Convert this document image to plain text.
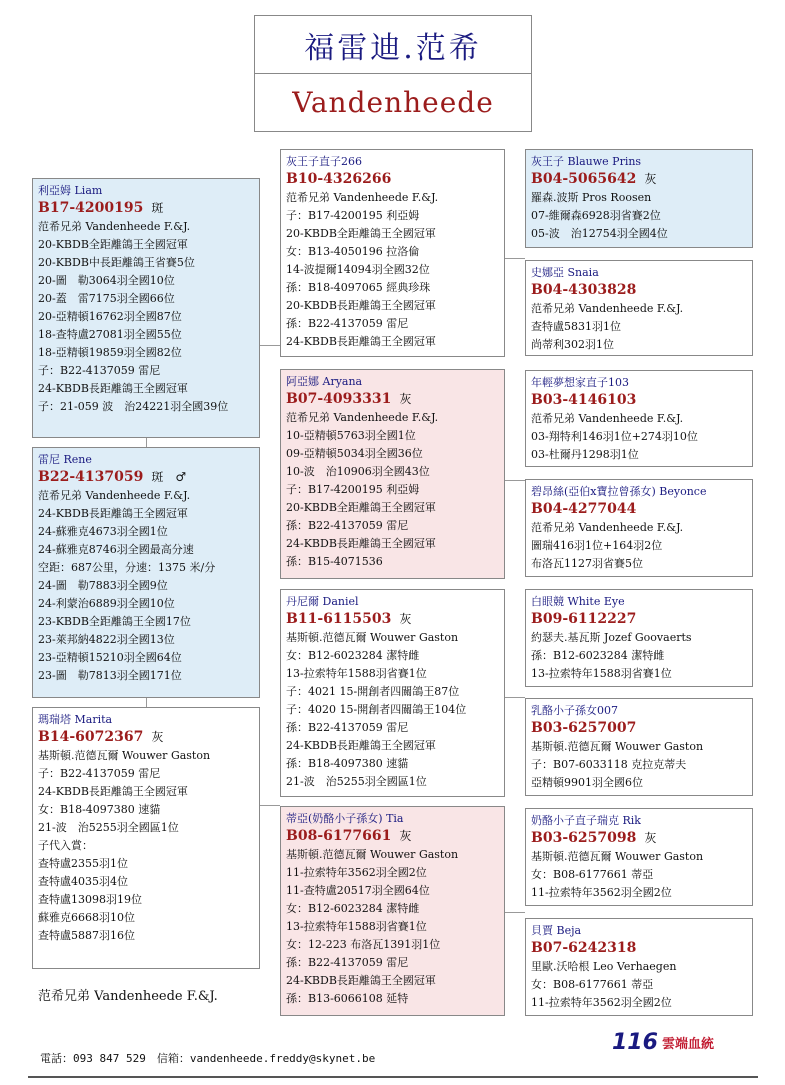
福雷迪.范希
Vandenheede
利亞姆 Liam
B17-4200195 斑
范希兄弟 Vandenheede F.&J.
20-KBDB全距離鴿王全國冠軍
20-KBDB中長距離鴿王省賽5位
20-圖　勒3064羽全國10位
20-蓋　雷7175羽全國66位
20-亞精頓16762羽全國87位
18-查特盧27081羽全國55位
18-亞精頓19859羽全國82位
子：B22-4137059 雷尼
24-KBDB長距離鴿王全國冠軍
子：21-059 波　治24221羽全國39位
雷尼 Rene
B22-4137059 斑　♂
范希兄弟 Vandenheede F.&J.
24-KBDB長距離鴿王全國冠軍
24-蘇雅克4673羽全國1位
24-蘇雅克8746羽全國最高分速
空距：687公里，分速：1375 米/分
24-圖　勒7883羽全國9位
24-利蒙治6889羽全國10位
23-KBDB全距離鴿王全國17位
23-萊邦納4822羽全國13位
23-亞精頓15210羽全國64位
23-圖　勒7813羽全國171位
瑪瑞塔 Marita
B14-6072367 灰
基斯頓.范德瓦爾 Wouwer Gaston
子：B22-4137059 雷尼
24-KBDB長距離鴿王全國冠軍
女：B18-4097380 速貓
21-波　治5255羽全國區1位
子代入賞：
查特盧2355羽1位
查特盧4035羽4位
查特盧13098羽19位
蘇雅克6668羽10位
查特盧5887羽16位
灰王子直子266
B10-4326266
范希兄弟 Vandenheede F.&J.
子：B17-4200195 利亞姆
20-KBDB全距離鴿王全國冠軍
女：B13-4050196 拉洛倫
14-波提爾14094羽全國32位
孫：B18-4097065 經典珍珠
20-KBDB長距離鴿王全國冠軍
孫：B22-4137059 雷尼
24-KBDB長距離鴿王全國冠軍
阿亞娜 Aryana
B07-4093331 灰
范希兄弟 Vandenheede F.&J.
10-亞精頓5763羽全國1位
09-亞精頓5034羽全國36位
10-波　治10906羽全國43位
子：B17-4200195 利亞姆
20-KBDB全距離鴿王全國冠軍
孫：B22-4137059 雷尼
24-KBDB長距離鴿王全國冠軍
孫：B15-4071536
丹尼爾 Daniel
B11-6115503 灰
基斯頓.范德瓦爾 Wouwer Gaston
女：B12-6023284 潔特雌
13-拉索特年1588羽省賽1位
子：4021 15-開創者四關鴿王87位
子：4020 15-開創者四關鴿王104位
孫：B22-4137059 雷尼
24-KBDB長距離鴿王全國冠軍
孫：B18-4097380 速貓
21-波　治5255羽全國區1位
蒂亞(奶酪小子孫女) Tia
B08-6177661 灰
基斯頓.范德瓦爾 Wouwer Gaston
11-拉索特年3562羽全國2位
11-查特盧20517羽全國64位
女：B12-6023284 潔特雌
13-拉索特年1588羽省賽1位
女：12-223 布洛瓦1391羽1位
孫：B22-4137059 雷尼
24-KBDB長距離鴿王全國冠軍
孫：B13-6066108 延特
灰王子 Blauwe Prins
B04-5065642 灰
羅森.波斯 Pros Roosen
07-維爾森6928羽省賽2位
05-波　治12754羽全國4位
史娜亞 Snaia
B04-4303828
范希兄弟 Vandenheede F.&J.
查特盧5831羽1位
尚蒂利302羽1位
年輕夢想家直子103
B03-4146103
范希兄弟 Vandenheede F.&J.
03-翔特利146羽1位+274羽10位
03-杜爾丹1298羽1位
碧昂絲(亞伯x寶拉曾孫女) Beyonce
B04-4277044
范希兄弟 Vandenheede F.&J.
圖瑞416羽1位+164羽2位
布洛瓦1127羽省賽5位
白眼競 White Eye
B09-6112227
約瑟夫.基瓦斯 Jozef Goovaerts
孫：B12-6023284 潔特雌
13-拉索特年1588羽省賽1位
乳酪小子孫女007
B03-6257007
基斯頓.范德瓦爾 Wouwer Gaston
子：B07-6033118 克拉克蒂夫
亞精頓9901羽全國6位
奶酪小子直子瑞克 Rik
B03-6257098 灰
基斯頓.范德瓦爾 Wouwer Gaston
女：B08-6177661 蒂亞
11-拉索特年3562羽全國2位
貝賈 Beja
B07-6242318
里歐.沃哈根 Leo Verhaegen
女：B08-6177661 蒂亞
11-拉索特年3562羽全國2位
范希兄弟 Vandenheede F.&J.
電話：093 847 529　信箱：vandenheede.freddy@skynet.be
116 雲端血統
